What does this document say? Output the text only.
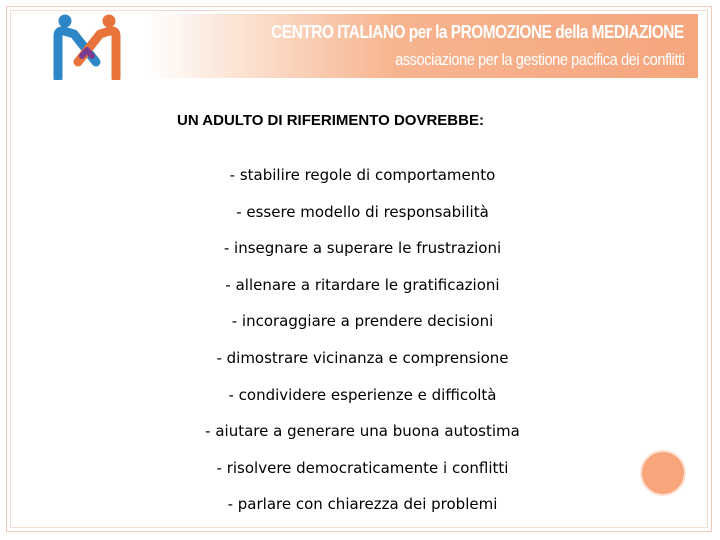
CENTRO ITALIANO per la PROMOZIONE della MEDIAZIONE
associazione per la gestione pacifica dei conflitti
UN ADULTO DI RIFERIMENTO DOVREBBE:
- stabilire regole di comportamento
- essere modello di responsabilità
- insegnare a superare le frustrazioni
- allenare a ritardare le gratificazioni
- incoraggiare a prendere decisioni
- dimostrare vicinanza e comprensione
- condividere esperienze e difficoltà
- aiutare a generare una buona autostima
- risolvere democraticamente i conflitti
- parlare con chiarezza dei problemi
